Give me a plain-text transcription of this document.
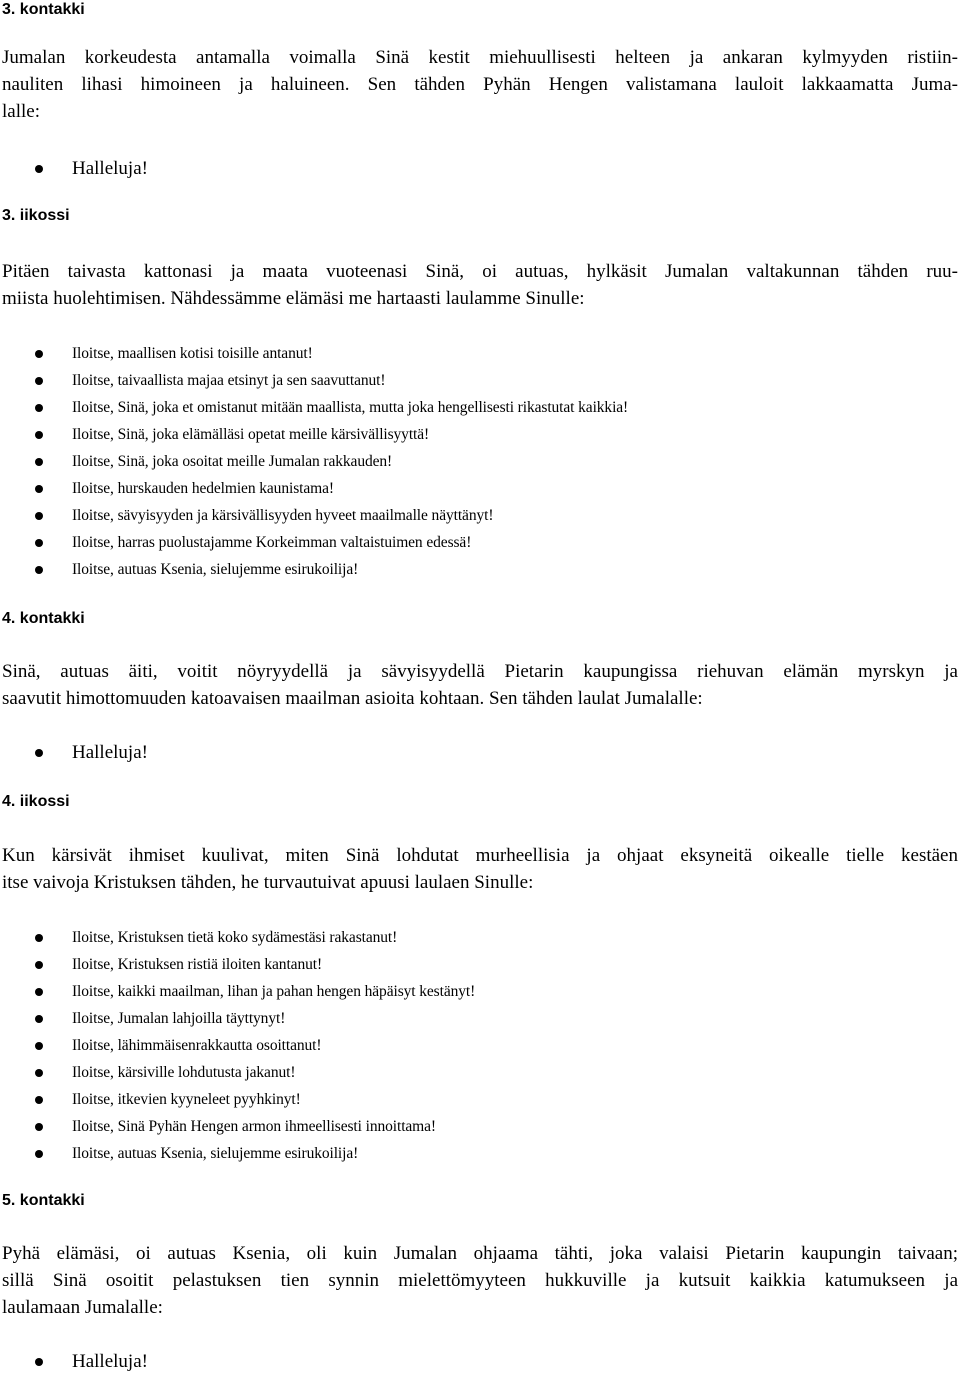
3. kontakki

Jumalan korkeudesta antamalla voimalla Sinä kestit miehuullisesti helteen ja ankaran kylmyyden ristiin-
nauliten lihasi himoineen ja haluineen. Sen tähden Pyhän Hengen valistamana lauloit lakkaamatta Juma-
lalle:

Halleluja!
3. iikossi

Pitäen taivasta kattonasi ja maata vuoteenasi Sinä, oi autuas, hylkäsit Jumalan valtakunnan tähden ruu-
miista huolehtimisen. Nähdessämme elämäsi me hartaasti laulamme Sinulle:

Iloitse, maallisen kotisi toisille antanut!
Iloitse, taivaallista majaa etsinyt ja sen saavuttanut!
Iloitse, Sinä, joka et omistanut mitään maallista, mutta joka hengellisesti rikastutat kaikkia!
Iloitse, Sinä, joka elämälläsi opetat meille kärsivällisyyttä!
Iloitse, Sinä, joka osoitat meille Jumalan rakkauden!
Iloitse, hurskauden hedelmien kaunistama!
Iloitse, sävyisyyden ja kärsivällisyyden hyveet maailmalle näyttänyt!
Iloitse, harras puolustajamme Korkeimman valtaistuimen edessä!
Iloitse, autuas Ksenia, sielujemme esirukoilija!
4. kontakki

Sinä, autuas äiti, voitit nöyryydellä ja sävyisyydellä Pietarin kaupungissa riehuvan elämän myrskyn ja
saavutit himottomuuden katoavaisen maailman asioita kohtaan. Sen tähden laulat Jumalalle:

Halleluja!
4. iikossi

Kun kärsivät ihmiset kuulivat, miten Sinä lohdutat murheellisia ja ohjaat eksyneitä oikealle tielle kestäen
itse vaivoja Kristuksen tähden, he turvautuivat apuusi laulaen Sinulle:

Iloitse, Kristuksen tietä koko sydämestäsi rakastanut!
Iloitse, Kristuksen ristiä iloiten kantanut!
Iloitse, kaikki maailman, lihan ja pahan hengen häpäisyt kestänyt!
Iloitse, Jumalan lahjoilla täyttynyt!
Iloitse, lähimmäisenrakkautta osoittanut!
Iloitse, kärsiville lohdutusta jakanut!
Iloitse, itkevien kyyneleet pyyhkinyt!
Iloitse, Sinä Pyhän Hengen armon ihmeellisesti innoittama!
Iloitse, autuas Ksenia, sielujemme esirukoilija!
5. kontakki

Pyhä elämäsi, oi autuas Ksenia, oli kuin Jumalan ohjaama tähti, joka valaisi Pietarin kaupungin taivaan;
sillä Sinä osoitit pelastuksen tien synnin mielettömyyteen hukkuville ja kutsuit kaikkia katumukseen ja
laulamaan Jumalalle:

Halleluja!
